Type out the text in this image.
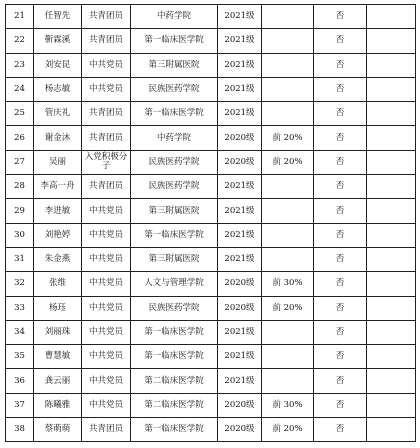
21	任智先	共青团员	中药学院	2021级		否	
22	靳霖溪	共青团员	第一临床医学院	2021级		否	
23	刘安昆	中共党员	第三附属医院	2021级		否	
24	杨志敏	中共党员	民族医药学院	2021级		否	
25	管庆礼	共青团员	第一临床医学院	2021级		否	
26	谢金沐	共青团员	中药学院	2020级	前 20%	否	
27	吴丽	入党积极分子	民族医药学院	2020级	前 20%	否	
28	李高一舟	共青团员	民族医药学院	2021级		否	
29	李进敏	中共党员	第三附属医院	2021级		否	
30	刘艳婷	中共党员	第一临床医学院	2021级		否	
31	朱金燕	中共党员	第三附属医院	2021级		否	
32	张维	中共党员	人文与管理学院	2020级	前 30%	否	
33	杨珏	中共党员	民族医药学院	2020级	前 20%	否	
34	刘丽珠	中共党员	第一临床医学院	2021级		否	
35	曹慧敏	中共党员	第一临床医学院	2021级		否	
36	龚云丽	中共党员	第二临床医学院	2021级		否	
37	陈曦雅	中共党员	第二临床医学院	2020级	前 30%	否	
38	蔡萌萌	共青团员	第一临床医学院	2020级	前 20%	否	
